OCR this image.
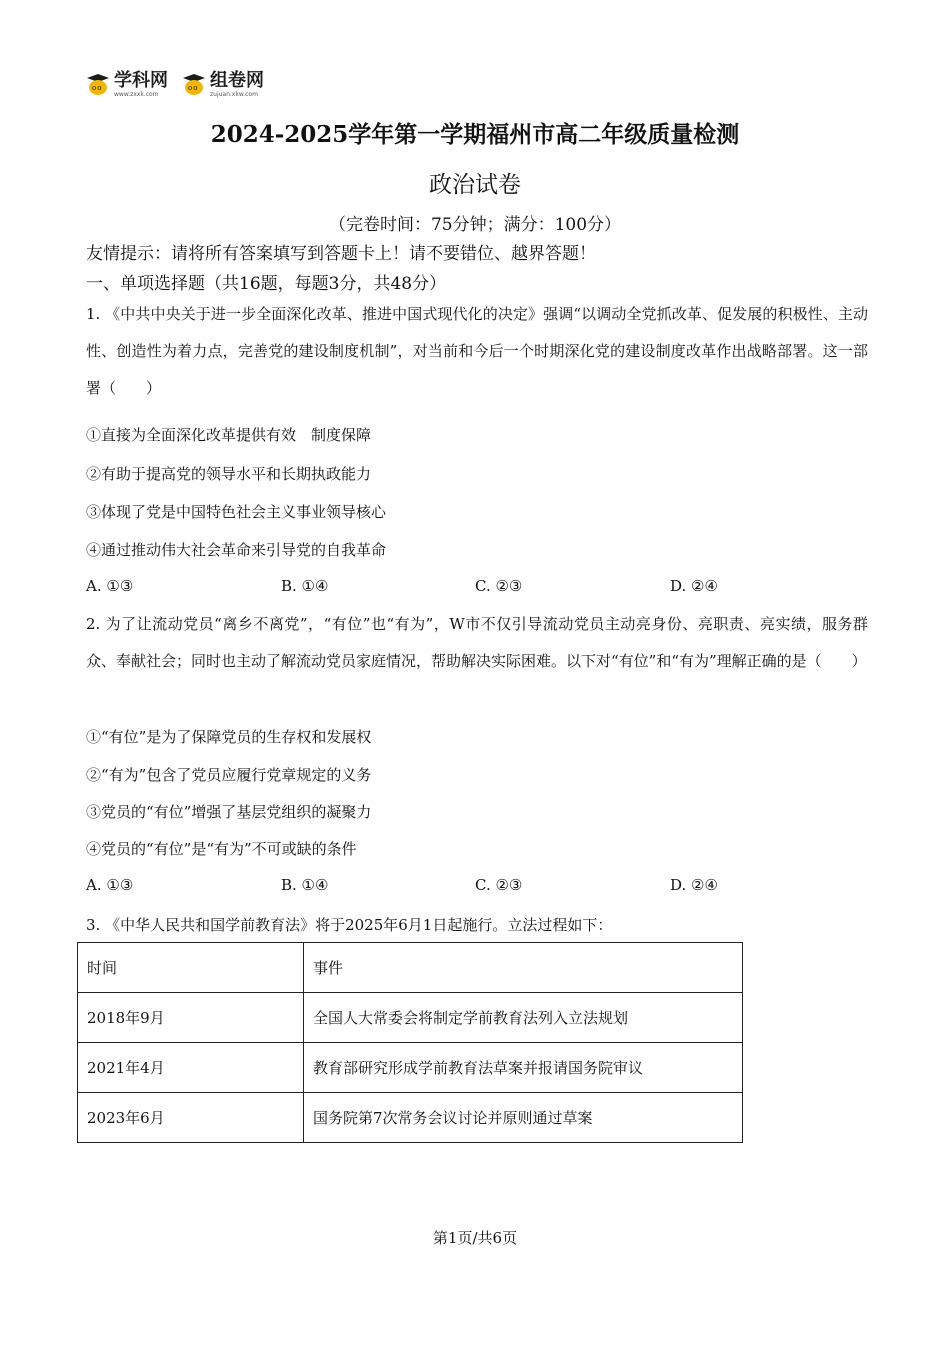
oo 学科网
www.zxxk.com
oo 组卷网
zujuan.xkw.com
2024-2025学年第一学期福州市高二年级质量检测
政治试卷
（完卷时间：75分钟；满分：100分）
友情提示：请将所有答案填写到答题卡上！请不要错位、越界答题！
一、单项选择题（共16题，每题3分，共48分）

1. 《中共中央关于进一步全面深化改革、推进中国式现代化的决定》强调“以调动全党抓改革、促发展的积极性、主动性、创造性为着力点，完善党的建设制度机制”，对当前和今后一个时期深化党的建设制度改革作出战略部署。这一部署（　　）

①直接为全面深化改革提供有效　制度保障
②有助于提高党的领导水平和长期执政能力
③体现了党是中国特色社会主义事业领导核心
④通过推动伟大社会革命来引导党的自我革命
A. ①③	B. ①④	C. ②③	D. ②④

2. 为了让流动党员“离乡不离党”，“有位”也“有为”，W市不仅引导流动党员主动亮身份、亮职责、亮实绩，服务群众、奉献社会；同时也主动了解流动党员家庭情况，帮助解决实际困难。以下对“有位”和“有为”理解正确的是（　　）

①“有位”是为了保障党员的生存权和发展权
②“有为”包含了党员应履行党章规定的义务
③党员的“有位”增强了基层党组织的凝聚力
④党员的“有位”是“有为”不可或缺的条件
A. ①③	B. ①④	C. ②③	D. ②④
3. 《中华人民共和国学前教育法》将于2025年6月1日起施行。立法过程如下：
时间	事件
2018年9月	全国人大常委会将制定学前教育法列入立法规划
2021年4月	教育部研究形成学前教育法草案并报请国务院审议
2023年6月	国务院第7次常务会议讨论并原则通过草案
第1页/共6页
